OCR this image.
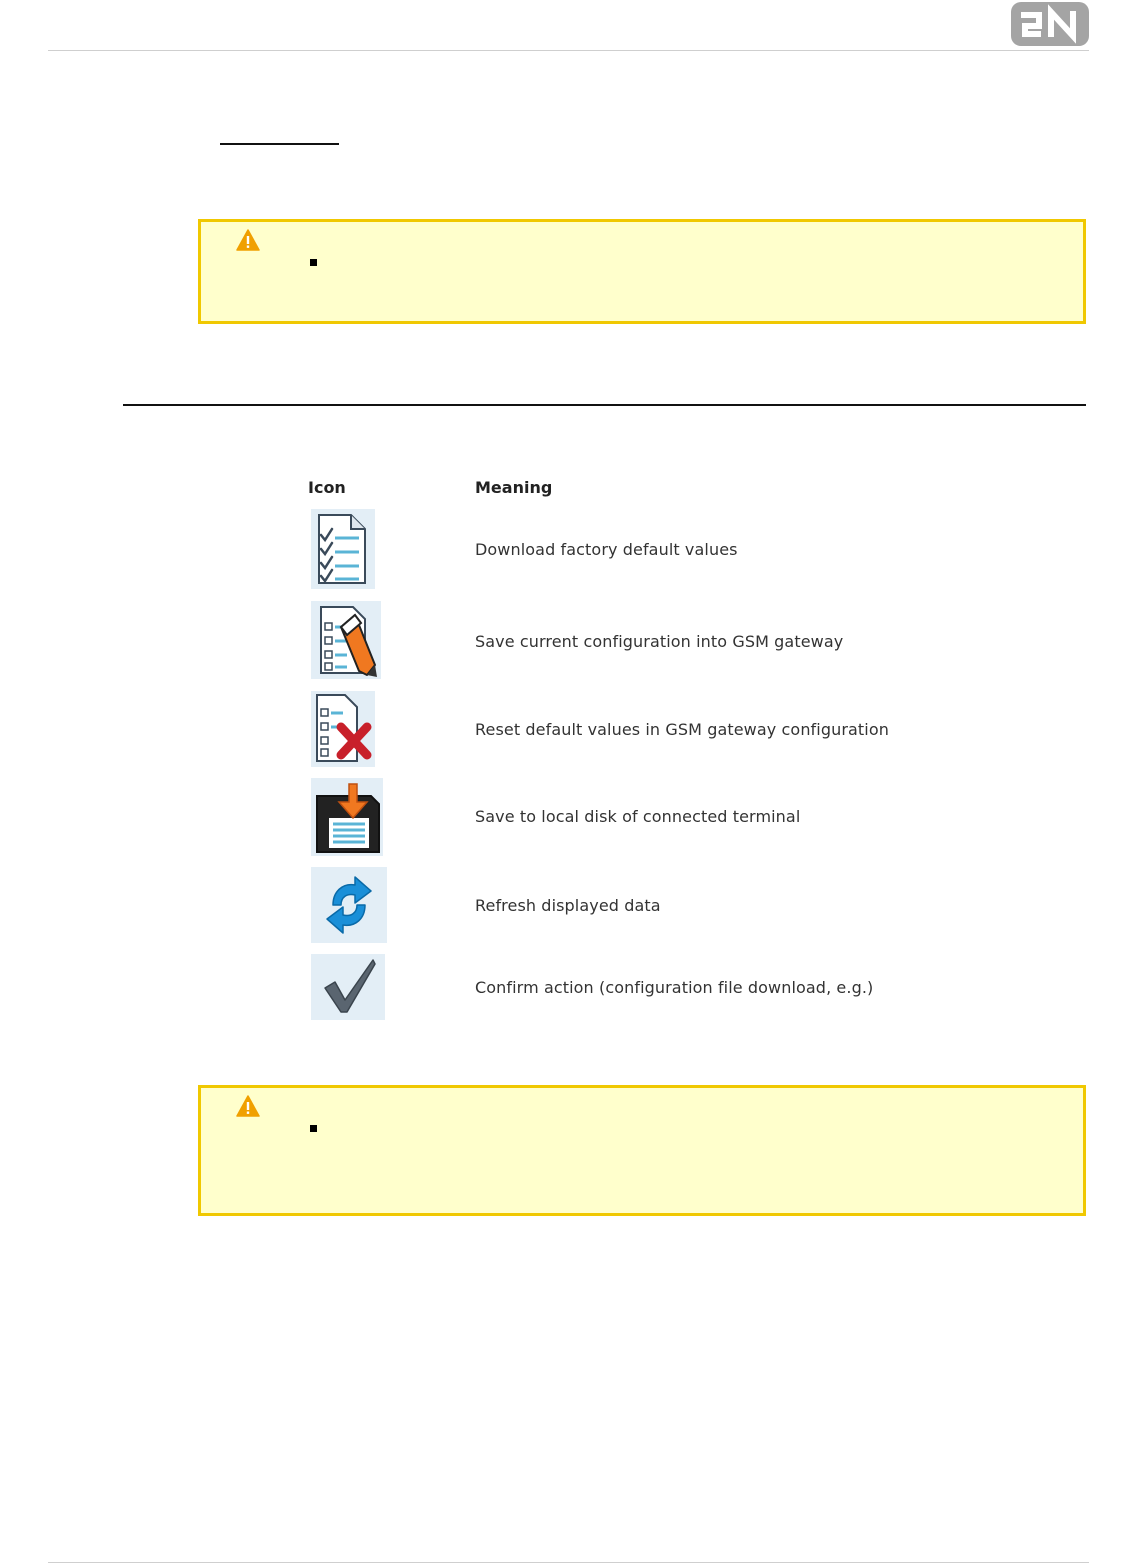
Icon	Meaning
Download factory default values
Save current configuration into GSM gateway
Reset default values in GSM gateway configuration
Save to local disk of connected terminal
Refresh displayed data
Confirm action (configuration file download, e.g.)
